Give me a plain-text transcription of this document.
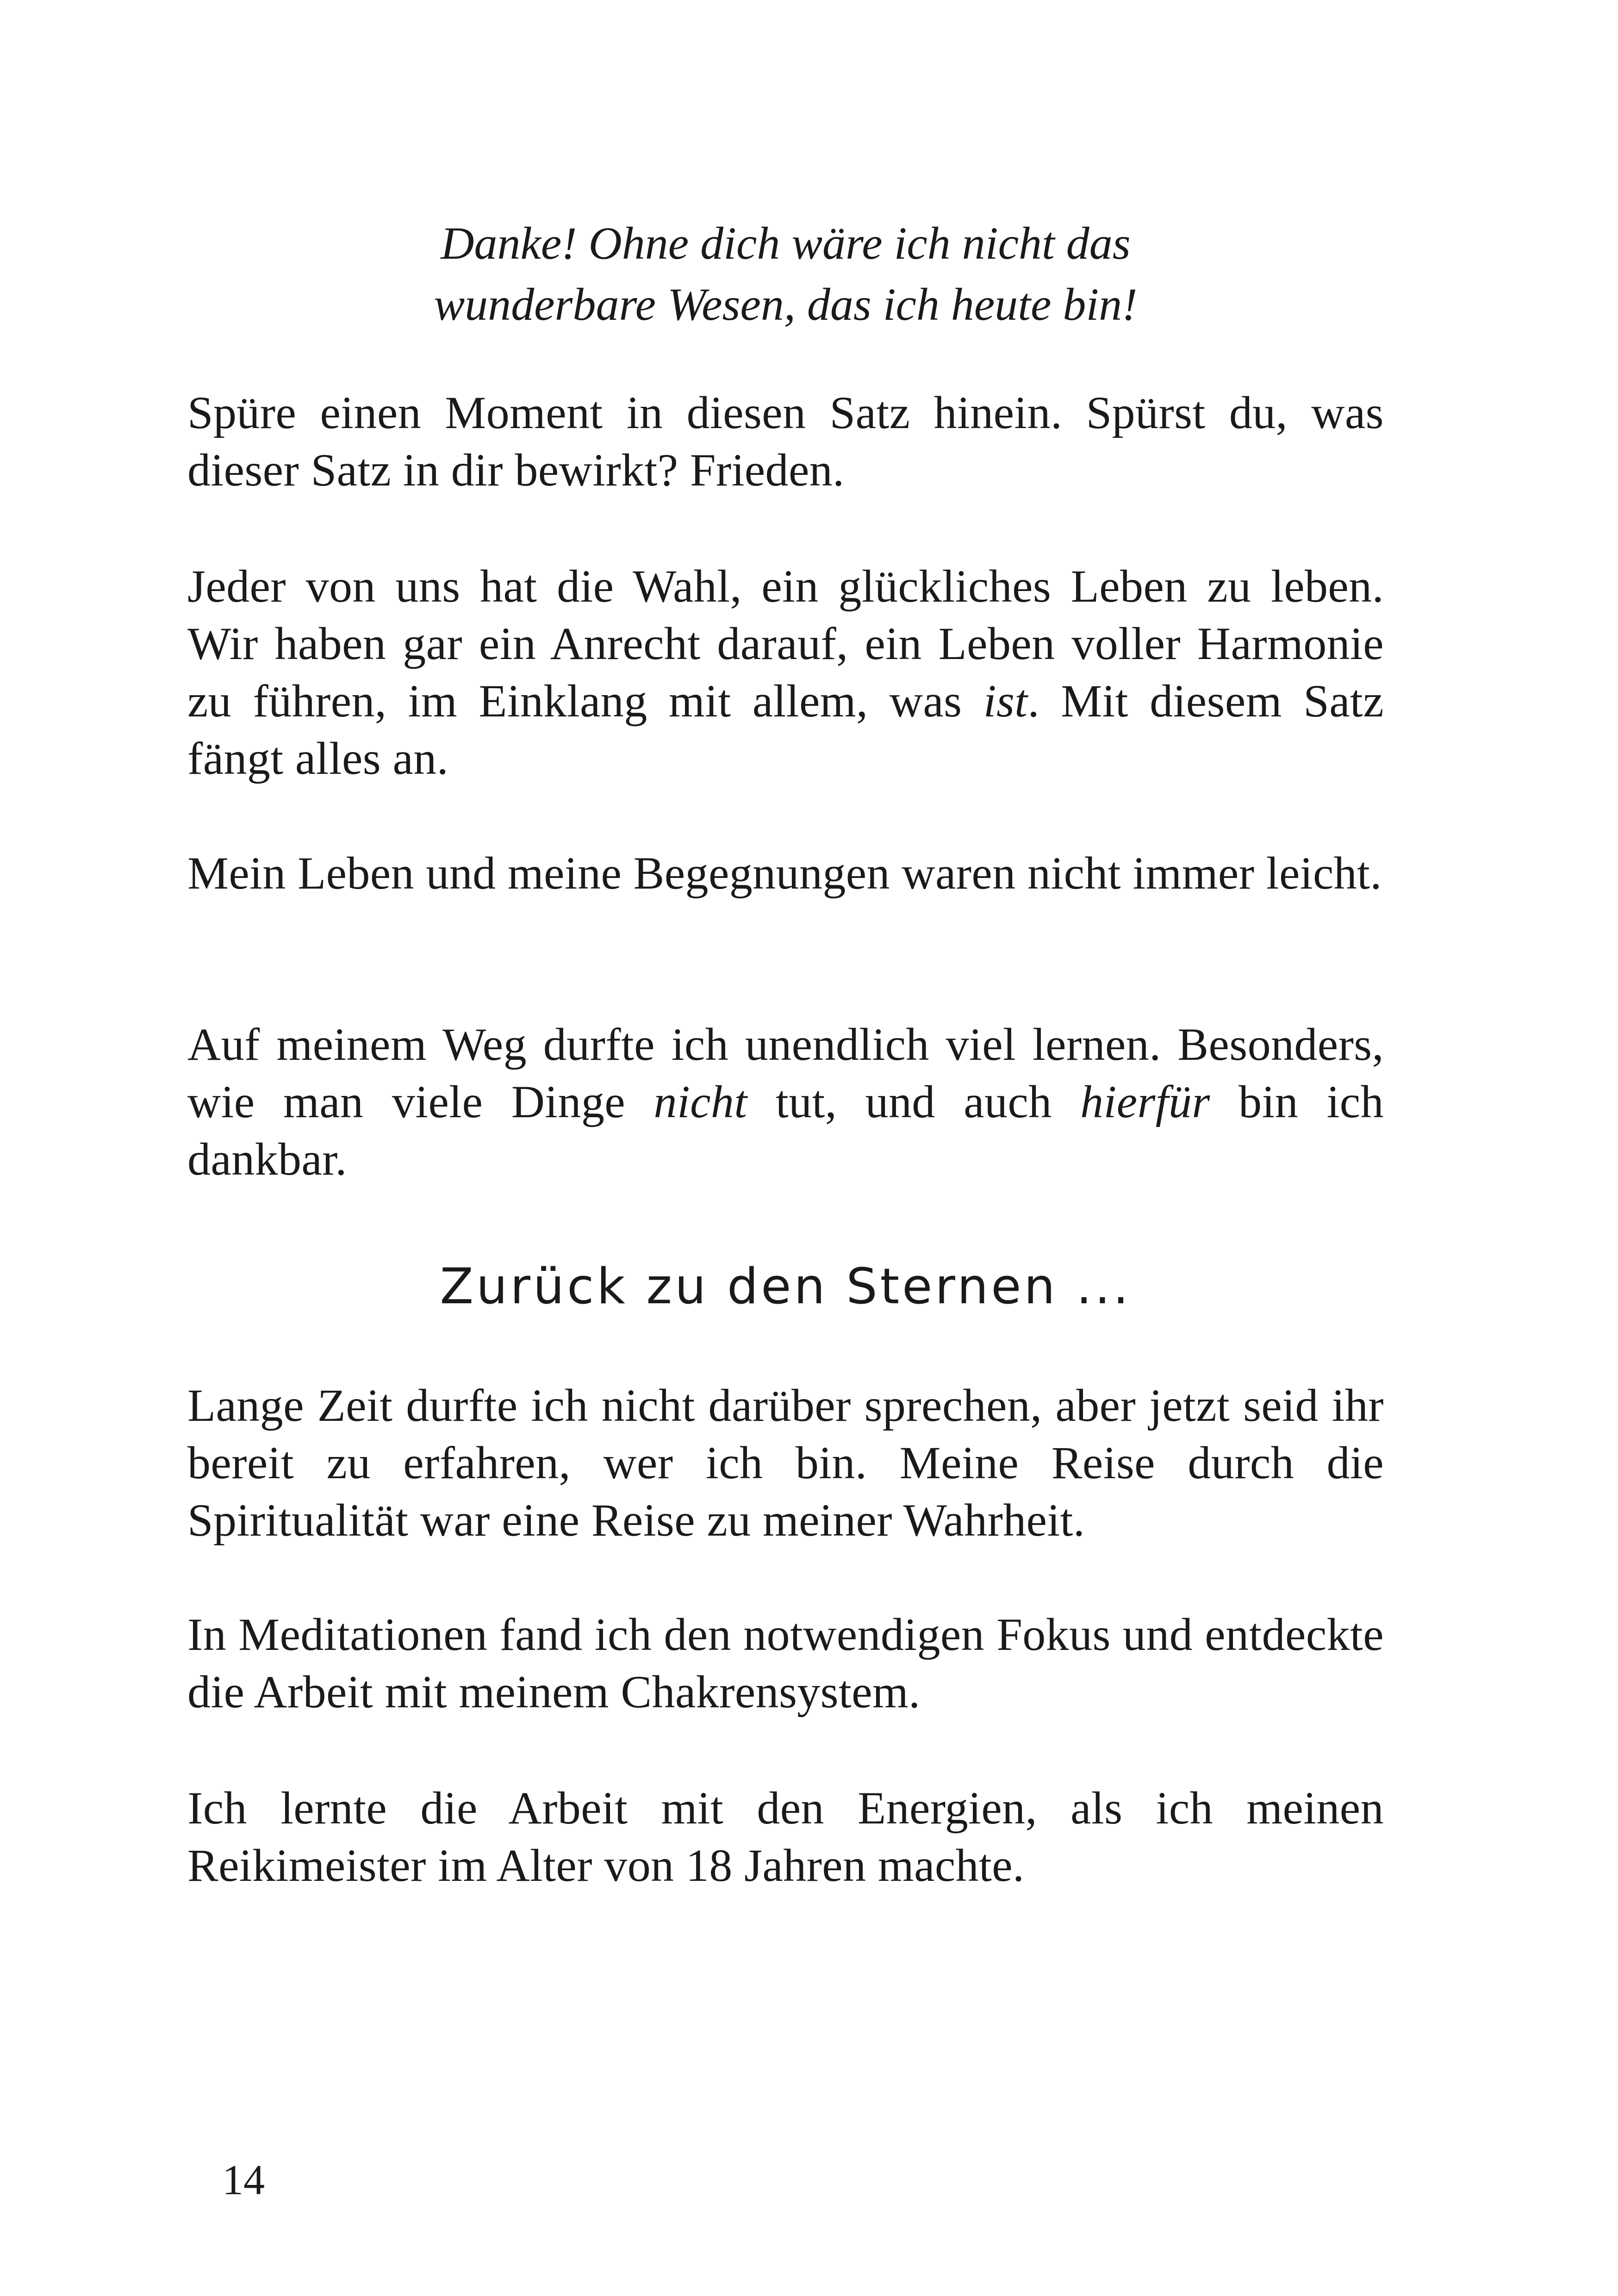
Danke! Ohne dich wäre ich nicht das
wunderbare Wesen, das ich heute bin!

Spüre einen Moment in diesen Satz hinein. Spürst du, was dieser Satz in dir bewirkt? Frieden.

Jeder von uns hat die Wahl, ein glückliches Leben zu leben. Wir haben gar ein Anrecht darauf, ein Leben voller Harmonie zu führen, im Einklang mit allem, was ist. Mit diesem Satz fängt alles an.

Mein Leben und meine Begegnungen waren nicht immer leicht.

Auf meinem Weg durfte ich unendlich viel lernen. Besonders, wie man viele Dinge nicht tut, und auch hierfür bin ich dankbar.

Zurück zu den Sternen ...

Lange Zeit durfte ich nicht darüber sprechen, aber jetzt seid ihr bereit zu erfahren, wer ich bin. Meine Reise durch die Spiritualität war eine Reise zu meiner Wahrheit.

In Meditationen fand ich den notwendigen Fokus und entdeckte die Arbeit mit meinem Chakrensystem.

Ich lernte die Arbeit mit den Energien, als ich meinen Reikimeister im Alter von 18 Jahren machte.

14
